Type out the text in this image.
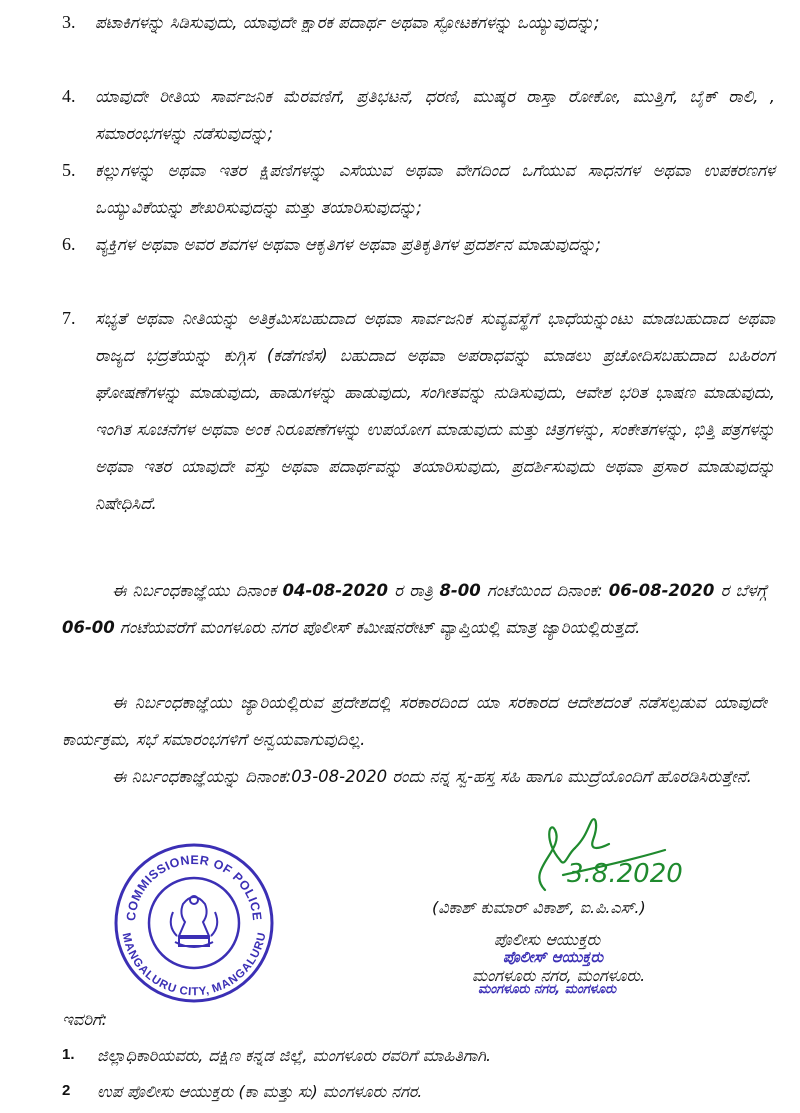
3. ಪಟಾಕಿಗಳನ್ನು ಸಿಡಿಸುವುದು, ಯಾವುದೇ ಕ್ಷಾರಕ ಪದಾರ್ಥ ಅಥವಾ ಸ್ಫೋಟಕಗಳನ್ನು ಒಯ್ಯುವುದನ್ನು;
4. ಯಾವುದೇ ರೀತಿಯ ಸಾರ್ವಜನಿಕ ಮೆರವಣಿಗೆ, ಪ್ರತಿಭಟನೆ, ಧರಣಿ, ಮುಷ್ಕರ ರಾಸ್ತಾ ರೋಕೋ, ಮುತ್ತಿಗೆ, ಬೈಕ್ ರಾಲಿ, , ಸಮಾರಂಭಗಳನ್ನು ನಡೆಸುವುದನ್ನು;
5. ಕಲ್ಲುಗಳನ್ನು ಅಥವಾ ಇತರ ಕ್ಷಿಪಣಿಗಳನ್ನು ಎಸೆಯುವ ಅಥವಾ ವೇಗದಿಂದ ಒಗೆಯುವ ಸಾಧನಗಳ ಅಥವಾ ಉಪಕರಣಗಳ ಒಯ್ಯುವಿಕೆಯನ್ನು ಶೇಖರಿಸುವುದನ್ನು ಮತ್ತು ತಯಾರಿಸುವುದನ್ನು;
6. ವ್ಯಕ್ತಿಗಳ ಅಥವಾ ಅವರ ಶವಗಳ ಅಥವಾ ಆಕೃತಿಗಳ ಅಥವಾ ಪ್ರತಿಕೃತಿಗಳ ಪ್ರದರ್ಶನ ಮಾಡುವುದನ್ನು;
7. ಸಭ್ಯತೆ ಅಥವಾ ನೀತಿಯನ್ನು ಅತಿಕ್ರಮಿಸಬಹುದಾದ ಅಥವಾ ಸಾರ್ವಜನಿಕ ಸುವ್ಯವಸ್ಥೆಗೆ ಭಾಧೆಯನ್ನುಂಟು ಮಾಡಬಹುದಾದ ಅಥವಾ ರಾಜ್ಯದ ಭದ್ರತೆಯನ್ನು ಕುಗ್ಗಿಸ (ಕಡೆಗಣಿಸ) ಬಹುದಾದ ಅಥವಾ ಅಪರಾಧವನ್ನು ಮಾಡಲು ಪ್ರಚೋದಿಸಬಹುದಾದ ಬಹಿರಂಗ ಘೋಷಣೆಗಳನ್ನು ಮಾಡುವುದು, ಹಾಡುಗಳನ್ನು ಹಾಡುವುದು, ಸಂಗೀತವನ್ನು ನುಡಿಸುವುದು, ಆವೇಶ ಭರಿತ ಭಾಷಣ ಮಾಡುವುದು, ಇಂಗಿತ ಸೂಚನೆಗಳ ಅಥವಾ ಅಂಕ ನಿರೂಪಣೆಗಳನ್ನು ಉಪಯೋಗ ಮಾಡುವುದು ಮತ್ತು ಚಿತ್ರಗಳನ್ನು, ಸಂಕೇತಗಳನ್ನು, ಭಿತ್ತಿ ಪತ್ರಗಳನ್ನು ಅಥವಾ ಇತರ ಯಾವುದೇ ವಸ್ತು ಅಥವಾ ಪದಾರ್ಥವನ್ನು ತಯಾರಿಸುವುದು, ಪ್ರದರ್ಶಿಸುವುದು ಅಥವಾ ಪ್ರಸಾರ ಮಾಡುವುದನ್ನು ನಿಷೇಧಿಸಿದೆ.
ಈ ನಿರ್ಬಂಧಕಾಜ್ಞೆಯು ದಿನಾಂಕ 04-08-2020 ರ ರಾತ್ರಿ 8-00 ಗಂಟೆಯಿಂದ ದಿನಾಂಕ: 06-08-2020 ರ ಬೆಳಗ್ಗೆ 06-00 ಗಂಟೆಯವರೆಗೆ ಮಂಗಳೂರು ನಗರ ಪೊಲೀಸ್ ಕಮೀಷನರೇಟ್ ವ್ಯಾಪ್ತಿಯಲ್ಲಿ ಮಾತ್ರ ಜ್ಯಾರಿಯಲ್ಲಿರುತ್ತದೆ.
ಈ ನಿರ್ಬಂಧಕಾಜ್ಞೆಯು ಜ್ಯಾರಿಯಲ್ಲಿರುವ ಪ್ರದೇಶದಲ್ಲಿ ಸರಕಾರದಿಂದ ಯಾ ಸರಕಾರದ ಆದೇಶದಂತೆ ನಡೆಸಲ್ಪಡುವ ಯಾವುದೇ ಕಾರ್ಯಕ್ರಮ, ಸಭೆ ಸಮಾರಂಭಗಳಿಗೆ ಅನ್ವಯವಾಗುವುದಿಲ್ಲ.
ಈ ನಿರ್ಬಂಧಕಾಜ್ಞೆಯನ್ನು ದಿನಾಂಕ:03-08-2020 ರಂದು ನನ್ನ ಸ್ವ-ಹಸ್ತ ಸಹಿ ಹಾಗೂ ಮುದ್ರೆಯೊಂದಿಗೆ ಹೊರಡಿಸಿರುತ್ತೇನೆ.
COMMISSIONER OF POLICE
MANGALURU CITY, MANGALURU
3.8.2020
(ವಿಕಾಶ್ ಕುಮಾರ್ ವಿಕಾಶ್, ಐ.ಪಿ.ಎಸ್.)
ಪೊಲೀಸು ಆಯುಕ್ತರು
ಪೊಲೀಸ್ ಆಯುಕ್ತರು
ಮಂಗಳೂರು ನಗರ, ಮಂಗಳೂರು.
ಮಂಗಳೂರು ನಗರ, ಮಂಗಳೂರು
ಇವರಿಗೆ:
1. ಜಿಲ್ಲಾಧಿಕಾರಿಯವರು, ದಕ್ಷಿಣ ಕನ್ನಡ ಜಿಲ್ಲೆ, ಮಂಗಳೂರು ರವರಿಗೆ ಮಾಹಿತಿಗಾಗಿ.
2 ಉಪ ಪೊಲೀಸು ಆಯುಕ್ತರು (ಕಾ ಮತ್ತು ಸು) ಮಂಗಳೂರು ನಗರ.
